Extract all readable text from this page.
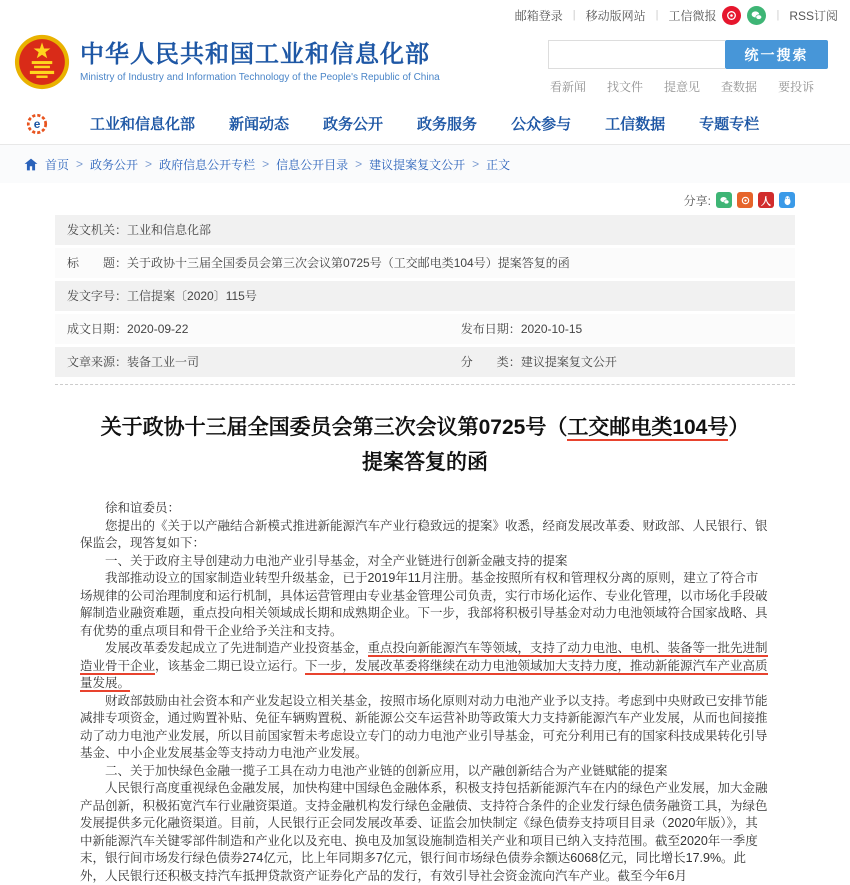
邮箱登录 | 移动版网站 | 工信微报	| RSS订阅
中华人民共和国工业和信息化部
Ministry of Industry and Information Technology of the People's Republic of China
统一搜索
看新闻 找文件 提意见 查数据 要投诉
e	工业和信息化部 新闻动态 政务公开 政务服务 公众参与 工信数据 专题专栏
首页 > 政务公开 > 政府信息公开专栏 > 信息公开目录 > 建议提案复文公开 > 正文
分享:	人
发文机关： 工业和信息化部
标　　题： 关于政协十三届全国委员会第三次会议第0725号（工交邮电类104号）提案答复的函
发文字号： 工信提案〔2020〕115号
成文日期： 2020-09-22	发布日期： 2020-10-15
文章来源： 装备工业一司	分　　类： 建议提案复文公开
关于政协十三届全国委员会第三次会议第0725号（工交邮电类104号）提案答复的函

徐和谊委员：

您提出的《关于以产融结合新模式推进新能源汽车产业行稳致远的提案》收悉，经商发展改革委、财政部、人民银行、银保监会，现答复如下：

一、关于政府主导创建动力电池产业引导基金，对全产业链进行创新金融支持的提案

我部推动设立的国家制造业转型升级基金，已于2019年11月注册。基金按照所有权和管理权分离的原则，建立了符合市场规律的公司治理制度和运行机制，具体运营管理由专业基金管理公司负责，实行市场化运作、专业化管理，以市场化手段破解制造业融资难题，重点投向相关领域成长期和成熟期企业。下一步，我部将积极引导基金对动力电池领域符合国家战略、具有优势的重点项目和骨干企业给予关注和支持。

发展改革委发起成立了先进制造产业投资基金，重点投向新能源汽车等领域，支持了动力电池、电机、装备等一批先进制造业骨干企业，该基金二期已设立运行。下一步，发展改革委将继续在动力电池领域加大支持力度，推动新能源汽车产业高质量发展。

财政部鼓励由社会资本和产业发起设立相关基金，按照市场化原则对动力电池产业予以支持。考虑到中央财政已安排节能减排专项资金，通过购置补贴、免征车辆购置税、新能源公交车运营补助等政策大力支持新能源汽车产业发展，从而也间接推动了动力电池产业发展，所以目前国家暂未考虑设立专门的动力电池产业引导基金，可充分利用已有的国家科技成果转化引导基金、中小企业发展基金等支持动力电池产业发展。

二、关于加快绿色金融一揽子工具在动力电池产业链的创新应用，以产融创新结合为产业链赋能的提案

人民银行高度重视绿色金融发展，加快构建中国绿色金融体系，积极支持包括新能源汽车在内的绿色产业发展，加大金融产品创新，积极拓宽汽车行业融资渠道。支持金融机构发行绿色金融债、支持符合条件的企业发行绿色债务融资工具，为绿色发展提供多元化融资渠道。目前，人民银行正会同发展改革委、证监会加快制定《绿色债券支持项目目录（2020年版）》，其中新能源汽车关键零部件制造和产业化以及充电、换电及加氢设施制造相关产业和项目已纳入支持范围。截至2020年一季度末，银行间市场发行绿色债券274亿元，比上年同期多7亿元，银行间市场绿色债券余额达6068亿元，同比增长17.9%。此外，人民银行还积极支持汽车抵押贷款资产证券化产品的发行，有效引导社会资金流向汽车产业。截至今年6月
